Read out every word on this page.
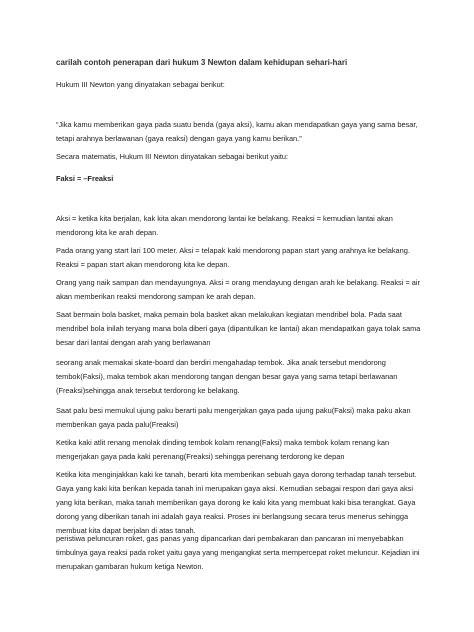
carilah contoh penerapan dari hukum 3 Newton dalam kehidupan sehari-hari

Hukum III Newton yang dinyatakan sebagai berikut:

“Jika kamu memberikan gaya pada suatu benda (gaya aksi), kamu akan mendapatkan gaya yang sama besar, tetapi arahnya berlawanan (gaya reaksi) dengan gaya yang kamu berikan.”

Secara matematis, Hukum III Newton dinyatakan sebagai berikut yaitu:

Faksi = –Freaksi

Aksi = ketika kita berjalan, kak kita akan mendorong lantai ke belakang. Reaksi = kemudian lantai akan mendorong kita ke arah depan.

Pada orang yang start lari 100 meter. Aksi = telapak kaki mendorong papan start yang arahnya ke belakang. Reaksi = papan start akan mendorong kita ke depan.

Orang yang naik sampan dan mendayungnya. Aksi = orang mendayung dengan arah ke belakang. Reaksi = air akan memberikan reaksi mendorong sampan ke arah depan.

Saat bermain bola basket, maka pemain bola basket akan melakukan kegiatan mendribel bola. Pada saat mendribel bola inilah teryang mana bola diberi gaya (dipantulkan ke lantai) akan mendapatkan gaya tolak sama besar dari lantai dengan arah yang berlawanan

seorang anak memakai skate-board dan berdiri mengahadap tembok. Jika anak tersebut mendorong tembok(Faksi), maka tembok akan mendorong tangan dengan besar gaya yang sama tetapi berlawanan (Freaksi)sehingga anak tersebut terdorong ke belakang.

Saat palu besi memukul ujung paku berarti palu mengerjakan gaya pada ujung paku(Faksi) maka paku akan memberikan gaya pada palu(Freaksi)

Ketika kaki atlit renang menolak dinding tembok kolam renang(Faksi) maka tembok kolam renang kan mengerjakan gaya pada kaki perenang(Freaksi) sehingga perenang terdorong ke depan

Ketika kita menginjakkan kaki ke tanah, berarti kita memberikan sebuah gaya dorong terhadap tanah tersebut. Gaya yang kaki kita berikan kepada tanah ini merupakan gaya aksi. Kemudian sebagai respon dari gaya aksi yang kita berikan, maka tanah memberikan gaya dorong ke kaki kita yang membuat kaki bisa terangkat. Gaya dorong yang diberikan tanah ini adalah gaya reaksi. Proses ini berlangsung secara terus menerus sehingga membuat kita dapat berjalan di atas tanah.

peristiwa peluncuran roket, gas panas yang dipancarkan dari pembakaran dan pancaran ini menyebabkan timbulnya gaya reaksi pada roket yaitu gaya yang mengangkat serta mempercepat roket meluncur. Kejadian ini merupakan gambaran hukum ketiga Newton.
